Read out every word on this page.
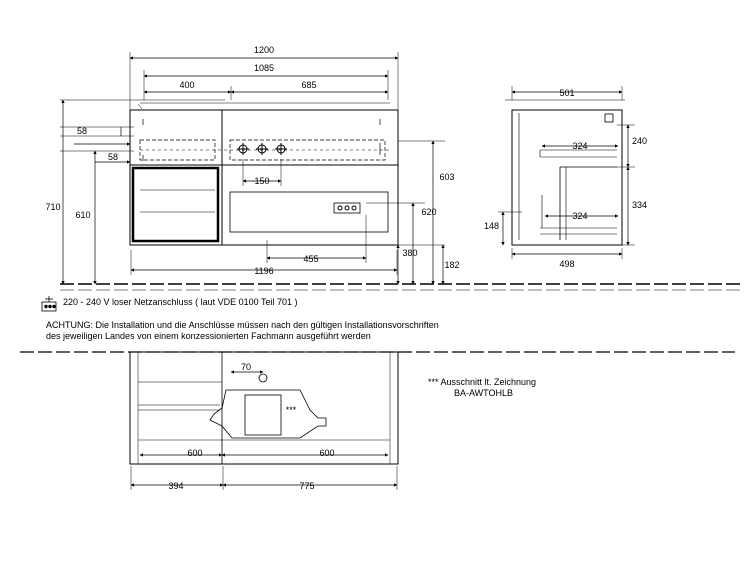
1200
1085
400	685
58
58
710
610
150	603
620
455
380
1196
182
501
324
324
240
334
148
498
70
600	600
***
394	775
220 - 240 V loser Netzanschluss ( laut VDE 0100 Teil 701 )
ACHTUNG: Die Installation und die Anschlüsse müssen nach den gültigen Installationsvorschriften
des jeweiligen Landes von einem konzessionierten Fachmann ausgeführt werden
*** Ausschnitt lt. Zeichnung
BA-AWTOHLB
